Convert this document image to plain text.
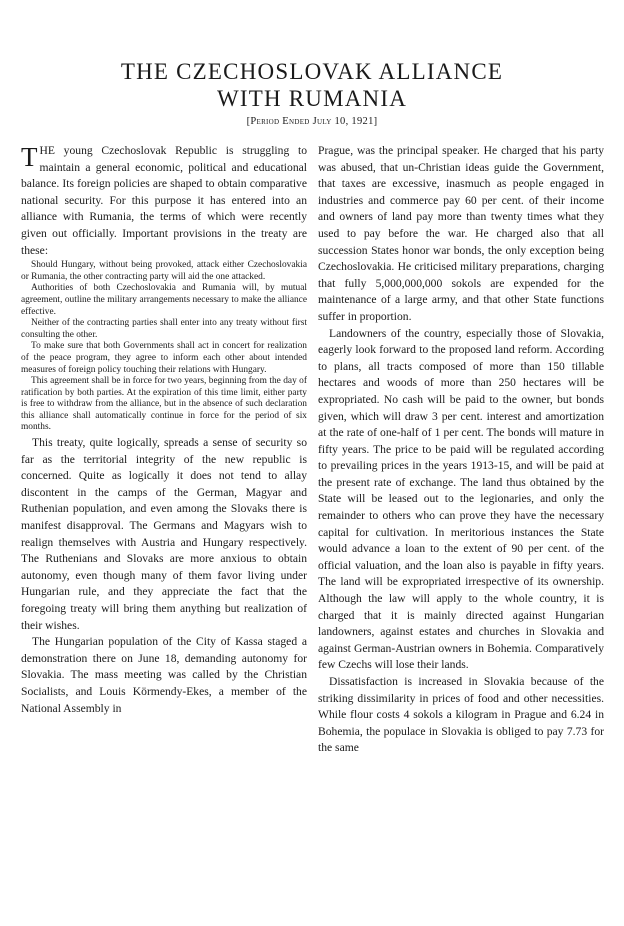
THE CZECHOSLOVAK ALLIANCE
WITH RUMANIA
[Period Ended July 10, 1921]

THE young Czechoslovak Republic is struggling to maintain a general economic, political and educational balance. Its foreign policies are shaped to obtain comparative national security. For this purpose it has entered into an alliance with Rumania, the terms of which were recently given out officially. Important provisions in the treaty are these:

Should Hungary, without being provoked, attack either Czechoslovakia or Rumania, the other contracting party will aid the one attacked.

Authorities of both Czechoslovakia and Rumania will, by mutual agreement, outline the military arrangements necessary to make the alliance effective.

Neither of the contracting parties shall enter into any treaty without first consulting the other.

To make sure that both Governments shall act in concert for realization of the peace program, they agree to inform each other about intended measures of foreign policy touching their relations with Hungary.

This agreement shall be in force for two years, beginning from the day of ratification by both parties. At the expiration of this time limit, either party is free to withdraw from the alliance, but in the absence of such declaration this alliance shall automatically continue in force for the period of six months.

This treaty, quite logically, spreads a sense of security so far as the territorial integrity of the new republic is concerned. Quite as logically it does not tend to allay discontent in the camps of the German, Magyar and Ruthenian population, and even among the Slovaks there is manifest disapproval. The Germans and Magyars wish to realign themselves with Austria and Hungary respectively. The Ruthenians and Slovaks are more anxious to obtain autonomy, even though many of them favor living under Hungarian rule, and they appreciate the fact that the foregoing treaty will bring them anything but realization of their wishes.

The Hungarian population of the City of Kassa staged a demonstration there on June 18, demanding autonomy for Slovakia. The mass meeting was called by the Christian Socialists, and Louis Körmendy-Ekes, a member of the National Assembly in

Prague, was the principal speaker. He charged that his party was abused, that un-Christian ideas guide the Government, that taxes are excessive, inasmuch as people engaged in industries and commerce pay 60 per cent. of their income and owners of land pay more than twenty times what they used to pay before the war. He charged also that all succession States honor war bonds, the only exception being Czechoslovakia. He criticised military preparations, charging that fully 5,000,000,000 sokols are expended for the maintenance of a large army, and that other State functions suffer in proportion.

Landowners of the country, especially those of Slovakia, eagerly look forward to the proposed land reform. According to plans, all tracts composed of more than 150 tillable hectares and woods of more than 250 hectares will be expropriated. No cash will be paid to the owner, but bonds given, which will draw 3 per cent. interest and amortization at the rate of one-half of 1 per cent. The bonds will mature in fifty years. The price to be paid will be regulated according to prevailing prices in the years 1913-15, and will be paid at the present rate of exchange. The land thus obtained by the State will be leased out to the legionaries, and only the remainder to others who can prove they have the necessary capital for cultivation. In meritorious instances the State would advance a loan to the extent of 90 per cent. of the official valuation, and the loan also is payable in fifty years. The land will be expropriated irrespective of its ownership. Although the law will apply to the whole country, it is charged that it is mainly directed against Hungarian landowners, against estates and churches in Slovakia and against German-Austrian owners in Bohemia. Comparatively few Czechs will lose their lands.

Dissatisfaction is increased in Slovakia because of the striking dissimilarity in prices of food and other necessities. While flour costs 4 sokols a kilogram in Prague and 6.24 in Bohemia, the populace in Slovakia is obliged to pay 7.73 for the same
